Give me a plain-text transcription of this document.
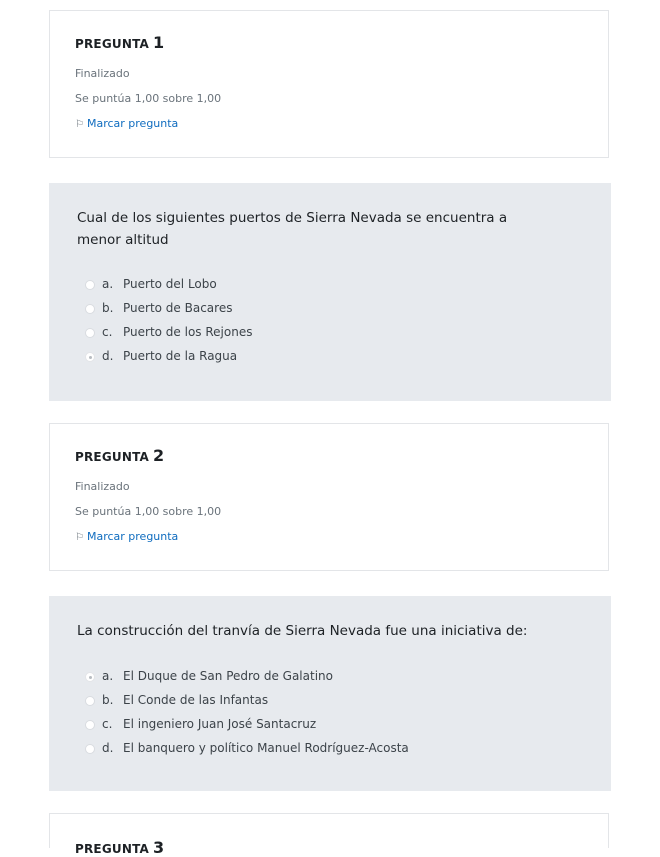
PREGUNTA 1
Finalizado
Se puntúa 1,00 sobre 1,00
⚐ Marcar pregunta
Cual de los siguientes puertos de Sierra Nevada se encuentra a menor altitud
a. Puerto del Lobo
b. Puerto de Bacares
c. Puerto de los Rejones
d. Puerto de la Ragua
PREGUNTA 2
Finalizado
Se puntúa 1,00 sobre 1,00
⚐ Marcar pregunta
La construcción del tranvía de Sierra Nevada fue una iniciativa de:
a. El Duque de San Pedro de Galatino
b. El Conde de las Infantas
c. El ingeniero Juan José Santacruz
d. El banquero y político Manuel Rodríguez-Acosta
PREGUNTA 3
